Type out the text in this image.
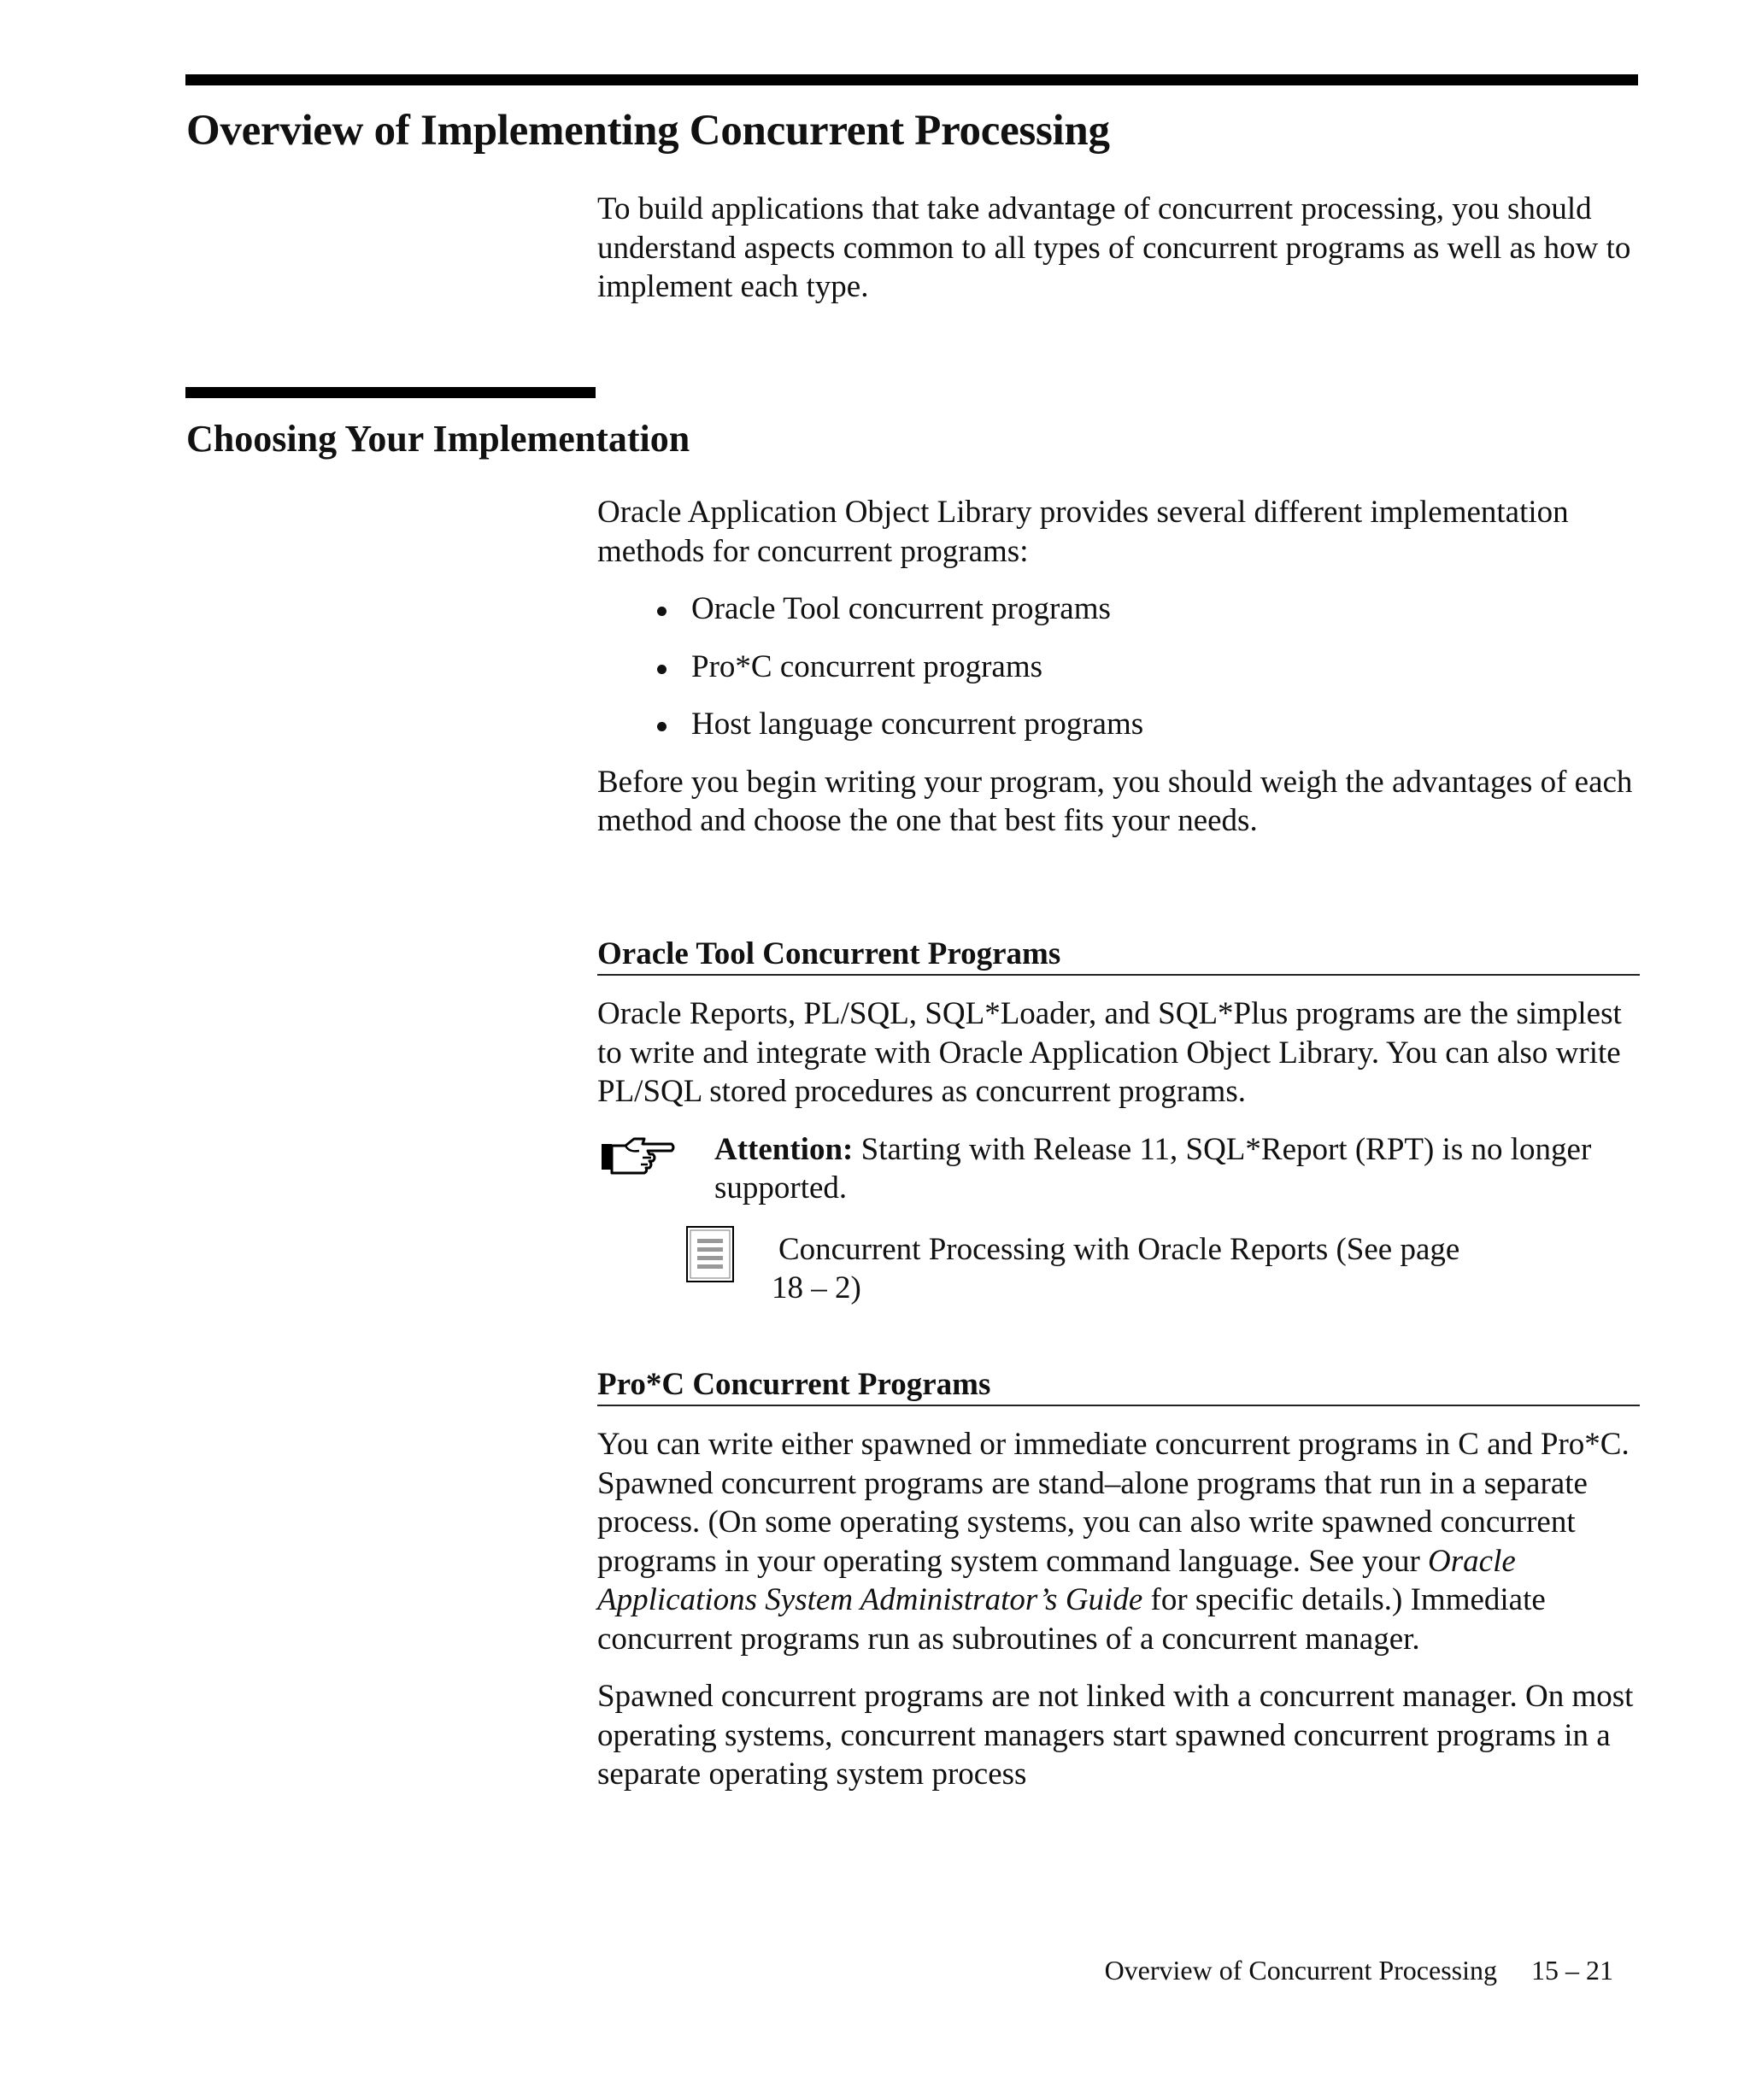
Overview of Implementing Concurrent Processing

To build applications that take advantage of concurrent processing, you should understand aspects common to all types of concurrent programs as well as how to implement each type.

Choosing Your Implementation

Oracle Application Object Library provides several different implementation methods for concurrent programs:

Oracle Tool concurrent programs
Pro*C concurrent programs
Host language concurrent programs

Before you begin writing your program, you should weigh the advantages of each method and choose the one that best fits your needs.

Oracle Tool Concurrent Programs

Oracle Reports, PL/SQL, SQL*Loader, and SQL*Plus programs are the simplest to write and integrate with Oracle Application Object Library. You can also write PL/SQL stored procedures as concurrent programs.

Attention: Starting with Release 11, SQL*Report (RPT) is no longer supported.
Concurrent Processing with Oracle Reports (See page
18 – 2)
Pro*C Concurrent Programs

You can write either spawned or immediate concurrent programs in C and Pro*C. Spawned concurrent programs are stand–alone programs that run in a separate process. (On some operating systems, you can also write spawned concurrent programs in your operating system command language. See your Oracle Applications System Administrator’s Guide for specific details.) Immediate concurrent programs run as subroutines of a concurrent manager.

Spawned concurrent programs are not linked with a concurrent manager. On most operating systems, concurrent managers start spawned concurrent programs in a separate operating system process

Overview of Concurrent Processing 15 – 21
